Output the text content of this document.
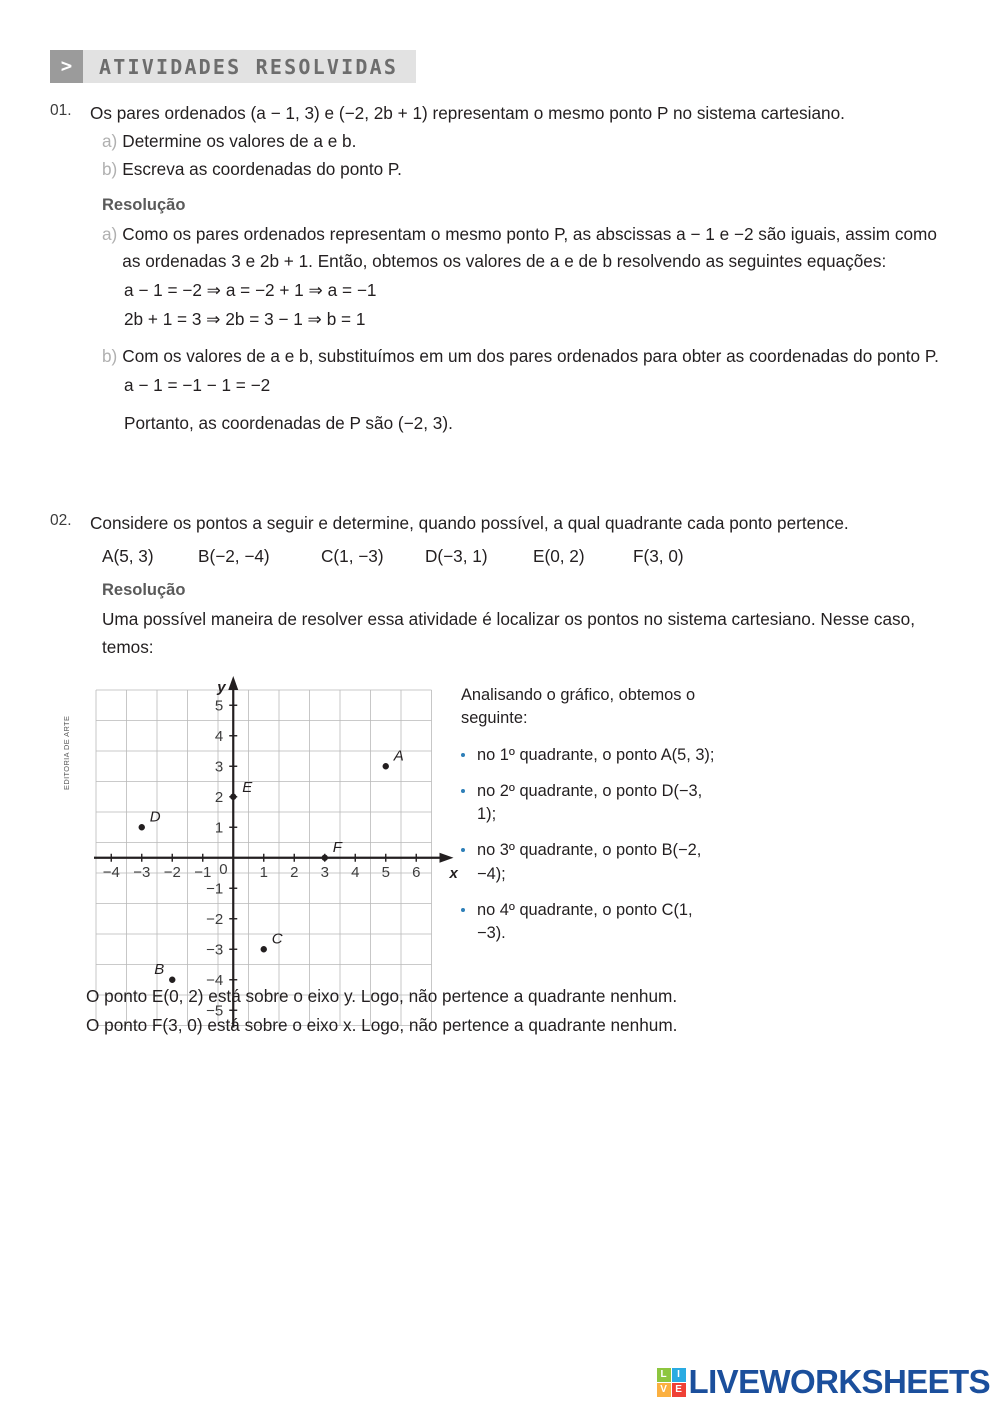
>	ATIVIDADES RESOLVIDAS
01.	Os pares ordenados (a − 1, 3) e (−2, 2b + 1) representam o mesmo ponto P no sistema cartesiano.
a) Determine os valores de a e b.
b) Escreva as coordenadas do ponto P.
Resolução
a) Como os pares ordenados representam o mesmo ponto P, as abscissas a − 1 e −2 são iguais, assim como as ordenadas 3 e 2b + 1. Então, obtemos os valores de a e de b resolvendo as seguintes equações:
a − 1 = −2 ⇒ a = −2 + 1 ⇒ a = −1
2b + 1 = 3 ⇒ 2b = 3 − 1 ⇒ b = 1
b) Com os valores de a e b, substituímos em um dos pares ordenados para obter as coordenadas do ponto P.
a − 1 = −1 − 1 = −2
Portanto, as coordenadas de P são (−2, 3).
02.	Considere os pontos a seguir e determine, quando possível, a qual quadrante cada ponto pertence.
A(5, 3)	B(−2, −4)	C(1, −3)	D(−3, 1)	E(0, 2)	F(3, 0)
Resolução
Uma possível maneira de resolver essa atividade é localizar os pontos no sistema cartesiano. Nesse caso, temos:
EDITORIA DE ARTE
x
y
0
−4 −3 −2 −1	1 2 3 4 5 6
5
4
3
2
1
−1
−2
−3
−4
−5
A
B
C
D
E
F
Analisando o gráfico, obtemos o seguinte:
no 1º quadrante, o ponto A(5, 3);
no 2º quadrante, o ponto D(−3, 1);
no 3º quadrante, o ponto B(−2, −4);
no 4º quadrante, o ponto C(1, −3).
O ponto E(0, 2) está sobre o eixo y. Logo, não pertence a quadrante nenhum.
O ponto F(3, 0) está sobre o eixo x. Logo, não pertence a quadrante nenhum.
L	I
V E LIVEWORKSHEETS
